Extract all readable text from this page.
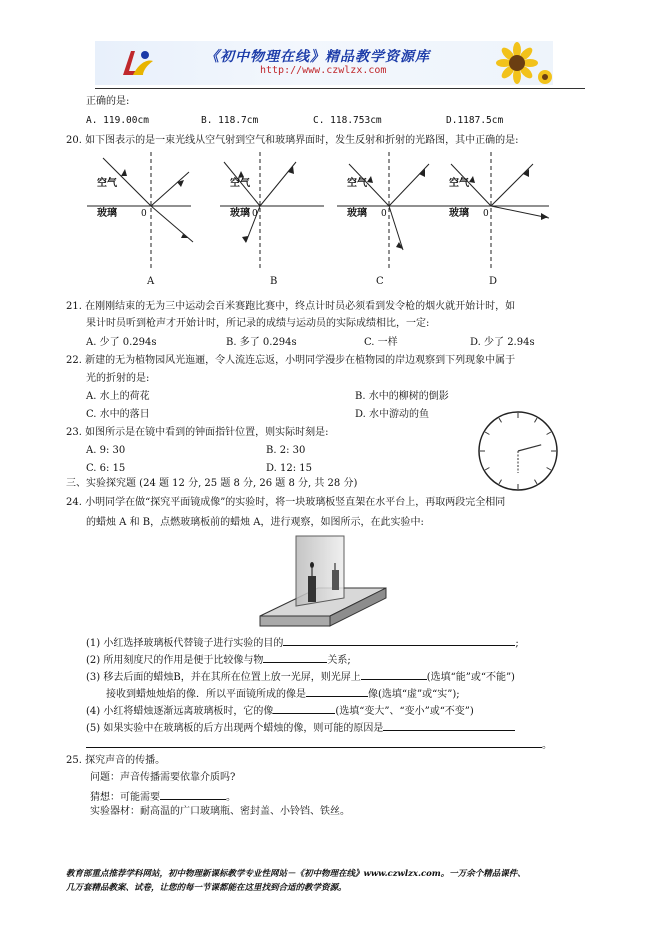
《初中物理在线》精品教学资源库
http://www.czwlzx.com
正确的是:
A. 119.00cm	B. 118.7cm	C. 118.753cm	D.1187.5cm
20. 如下图表示的是一束光线从空气射到空气和玻璃界面时，发生反射和折射的光路图，其中正确的是:
空气
玻璃	0
A
空气
玻璃 0
B
空气
玻璃 0
C
空气
玻璃 0
D
21. 在刚刚结束的无为三中运动会百米赛跑比赛中，终点计时员必须看到发令枪的烟火就开始计时，如
果计时员听到枪声才开始计时，所记录的成绩与运动员的实际成绩相比，一定:
A. 少了 0.294s	B. 多了 0.294s	C. 一样	D. 少了 2.94s
22. 新建的无为植物园风光迤逦，令人流连忘返，小明同学漫步在植物园的岸边观察到下列现象中属于
光的折射的是:
A. 水上的荷花	B. 水中的柳树的倒影
C. 水中的落日	D. 水中游动的鱼
23. 如图所示是在镜中看到的钟面指针位置，则实际时刻是:
A. 9: 30	B. 2: 30
C. 6: 15	D. 12: 15
三、实验探究题 (24 题 12 分, 25 题 8 分, 26 题 8 分, 共 28 分)
24. 小明同学在做“探究平面镜成像”的实验时，将一块玻璃板竖直架在水平台上，再取两段完全相同
的蜡烛 A 和 B，点燃玻璃板前的蜡烛 A，进行观察，如图所示，在此实验中:
(1) 小红选择玻璃板代替镜子进行实验的目的	;
(2) 所用刻度尺的作用是便于比较像与物	关系;
(3) 移去后面的蜡烛B，并在其所在位置上放一光屏，则光屏上	(选填“能”或“不能”)
接收到蜡烛烛焰的像．所以平面镜所成的像是	像(选填“虚”或“实”);
(4) 小红将蜡烛逐渐远离玻璃板时，它的像	(选填“变大”、“变小”或“不变”)
(5) 如果实验中在玻璃板的后方出现两个蜡烛的像，则可能的原因是
。
25. 探究声音的传播。
问题：声音传播需要依靠介质吗?
猜想：可能需要	。
实验器材：耐高温的广口玻璃瓶、密封盖、小铃铛、铁丝。
教育部重点推荐学科网站，初中物理新课标教学专业性网站－《初中物理在线》www.czwlzx.com。一万余个精品课件、
几万套精品教案、试卷，让您的每一节课都能在这里找到合适的教学资源。
